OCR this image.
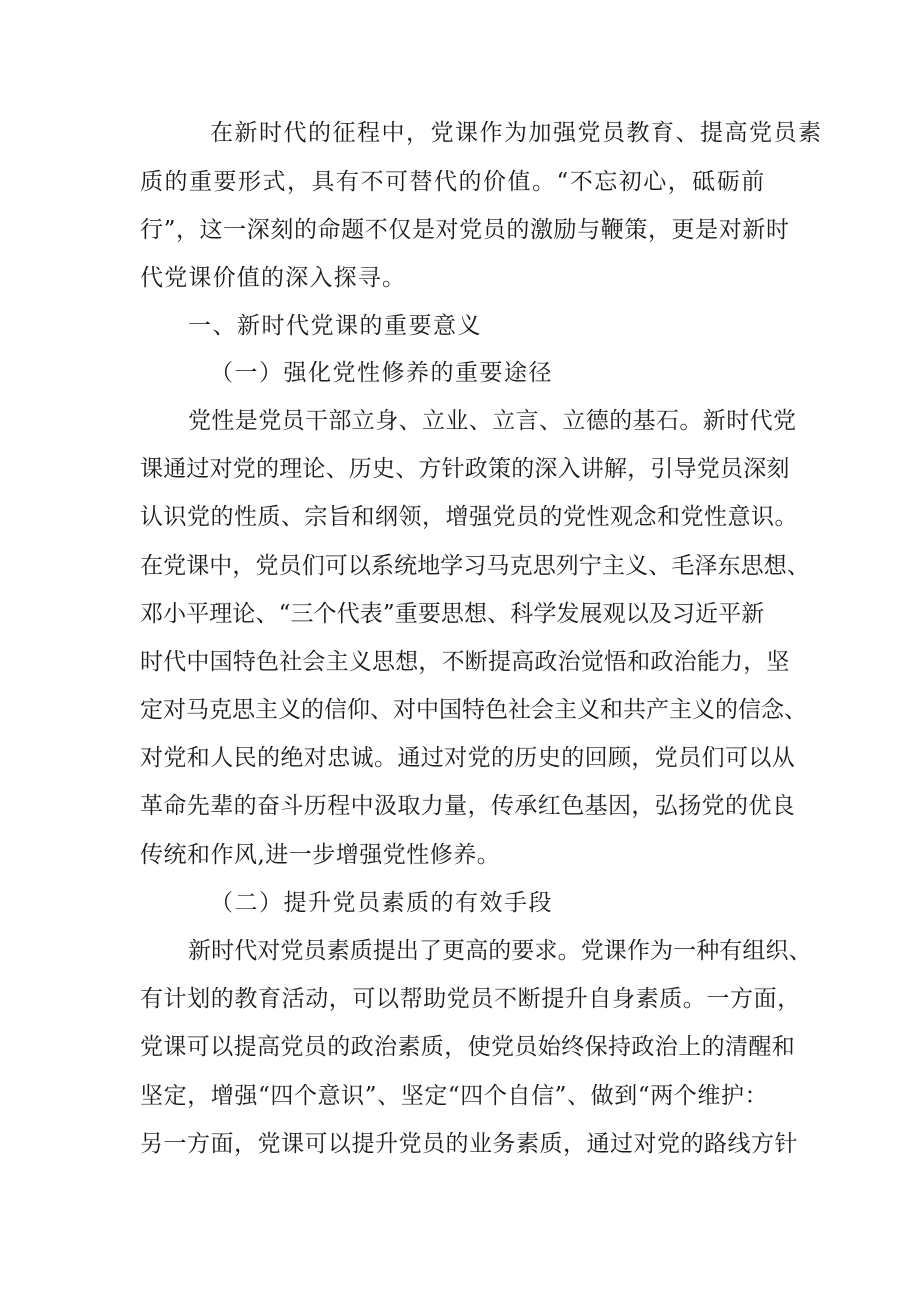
在新时代的征程中，党课作为加强党员教育、提高党员素
质的重要形式，具有不可替代的价值。“不忘初心，砥砺前
行”，这一深刻的命题不仅是对党员的激励与鞭策，更是对新时
代党课价值的深入探寻。
一、新时代党课的重要意义
（一）强化党性修养的重要途径
党性是党员干部立身、立业、立言、立德的基石。新时代党
课通过对党的理论、历史、方针政策的深入讲解，引导党员深刻
认识党的性质、宗旨和纲领，增强党员的党性观念和党性意识。
在党课中，党员们可以系统地学习马克思列宁主义、毛泽东思想、
邓小平理论、“三个代表”重要思想、科学发展观以及习近平新
时代中国特色社会主义思想，不断提高政治觉悟和政治能力，坚
定对马克思主义的信仰、对中国特色社会主义和共产主义的信念、
对党和人民的绝对忠诚。通过对党的历史的回顾，党员们可以从
革命先辈的奋斗历程中汲取力量，传承红色基因，弘扬党的优良
传统和作风,进一步增强党性修养。
（二）提升党员素质的有效手段
新时代对党员素质提出了更高的要求。党课作为一种有组织、
有计划的教育活动，可以帮助党员不断提升自身素质。一方面，
党课可以提高党员的政治素质，使党员始终保持政治上的清醒和
坚定，增强“四个意识”、坚定“四个自信”、做到“两个维护：
另一方面，党课可以提升党员的业务素质，通过对党的路线方针
